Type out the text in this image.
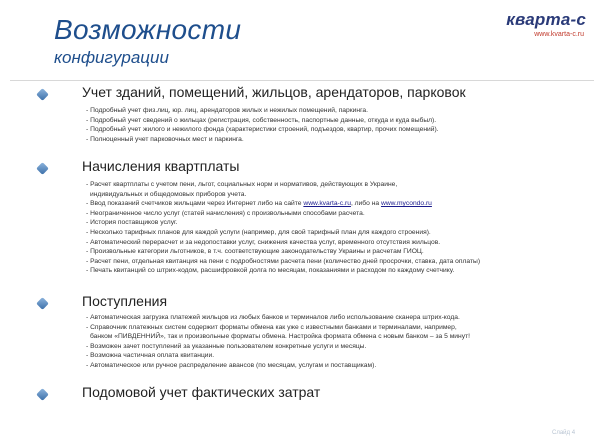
Возможности
конфигурации
кварта-с
www.kvarta-c.ru
Учет зданий, помещений, жильцов, арендаторов, парковок
- Подробный учет физ.лиц, юр. лиц, арендаторов жилых и нежилых помещений, паркинга.
- Подробный учет сведений о жильцах (регистрация, собственность, паспортные данные, откуда и куда выбыл).
- Подробный учет жилого и нежилого фонда (характеристики строений, подъездов, квартир, прочих помещений).
- Полноценный учет парковочных мест и паркинга.
Начисления квартплаты
- Расчет квартплаты с учетом пени, льгот, социальных норм и нормативов, действующих в Украине,
индивидуальных и общедомовых приборов учета.
- Ввод показаний счетчиков жильцами через Интернет либо на сайте www.kvarta-c.ru, либо на www.mycondo.ru
- Неограниченное число услуг (статей начисления) с произвольными способами расчета.
- История поставщиков услуг.
- Несколько тарифных планов для каждой услуги (например, для свой тарифный план для каждого строения).
- Автоматический перерасчет и за недопоставки услуг, снижения качества услуг, временного отсутствия жильцов.
- Произвольные категории льготников, в т.ч. соответствующие законодательству Украины и расчетам ГИОЦ.
- Расчет пени, отдельная квитанция на пени с подробностями расчета пени (количество дней просрочки, ставка, дата оплаты)
- Печать квитанций со штрих-кодом, расшифровкой долга по месяцам, показаниями и расходом по каждому счетчику.
Поступления
- Автоматическая загрузка платежей жильцов из любых банков и терминалов либо использование сканера штрих-кода.
- Справочник платежных систем содержит форматы обмена как уже с известными банками и терминалами, например,
банком «ПИВДЕННИЙ», так и произвольные форматы обмена. Настройка формата обмена с новым банком – за 5 минут!
- Возможен зачет поступлений за указанные пользователем конкретные услуги и месяцы.
- Возможна частичная оплата квитанции.
- Автоматическое или ручное распределение авансов (по месяцам, услугам и поставщикам).
Подомовой учет фактических затрат
Слайд 4
